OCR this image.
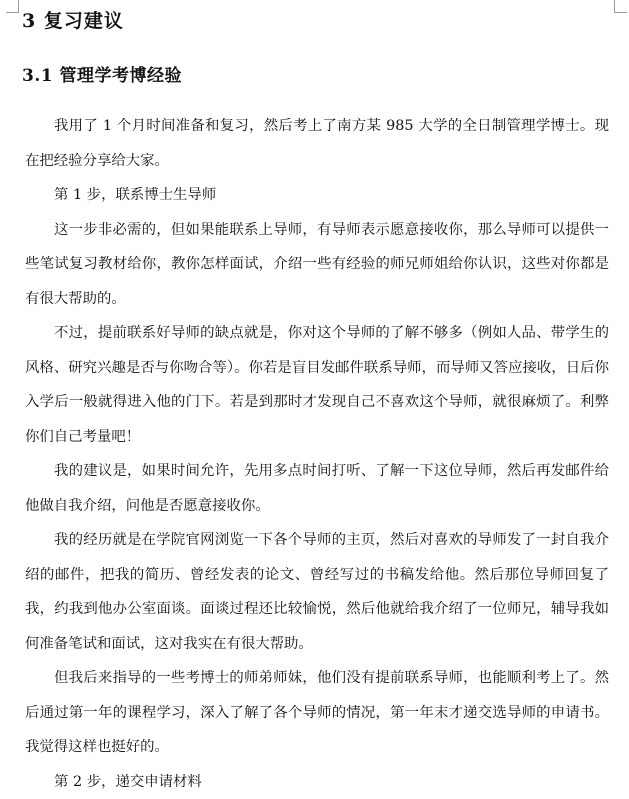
3 复习建议
3.1 管理学考博经验

我用了 1 个月时间准备和复习，然后考上了南方某 985 大学的全日制管理学博士。现在把经验分享给大家。

第 1 步，联系博士生导师

这一步非必需的，但如果能联系上导师，有导师表示愿意接收你，那么导师可以提供一些笔试复习教材给你，教你怎样面试，介绍一些有经验的师兄师姐给你认识，这些对你都是有很大帮助的。

不过，提前联系好导师的缺点就是，你对这个导师的了解不够多（例如人品、带学生的风格、研究兴趣是否与你吻合等）。你若是盲目发邮件联系导师，而导师又答应接收，日后你入学后一般就得进入他的门下。若是到那时才发现自己不喜欢这个导师，就很麻烦了。利弊你们自己考量吧！

我的建议是，如果时间允许，先用多点时间打听、了解一下这位导师，然后再发邮件给他做自我介绍，问他是否愿意接收你。

我的经历就是在学院官网浏览一下各个导师的主页，然后对喜欢的导师发了一封自我介绍的邮件，把我的简历、曾经发表的论文、曾经写过的书稿发给他。然后那位导师回复了我，约我到他办公室面谈。面谈过程还比较愉悦，然后他就给我介绍了一位师兄，辅导我如何准备笔试和面试，这对我实在有很大帮助。

但我后来指导的一些考博士的师弟师妹，他们没有提前联系导师，也能顺利考上了。然后通过第一年的课程学习，深入了解了各个导师的情况，第一年末才递交选导师的申请书。我觉得这样也挺好的。

第 2 步，递交申请材料
